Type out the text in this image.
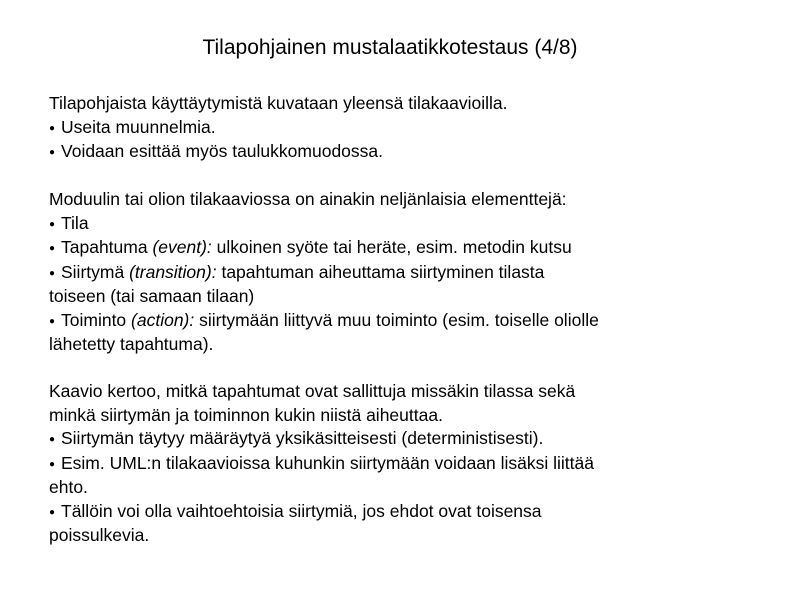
Tilapohjainen mustalaatikkotestaus (4/8)
Tilapohjaista käyttäytymistä kuvataan yleensä tilakaavioilla.
● Useita muunnelmia.
● Voidaan esittää myös taulukkomuodossa.
Moduulin tai olion tilakaaviossa on ainakin neljänlaisia elementtejä:
● Tila
● Tapahtuma (event): ulkoinen syöte tai heräte, esim. metodin kutsu
● Siirtymä (transition): tapahtuman aiheuttama siirtyminen tilasta
toiseen (tai samaan tilaan)
● Toiminto (action): siirtymään liittyvä muu toiminto (esim. toiselle oliolle
lähetetty tapahtuma).
Kaavio kertoo, mitkä tapahtumat ovat sallittuja missäkin tilassa sekä
minkä siirtymän ja toiminnon kukin niistä aiheuttaa.
● Siirtymän täytyy määräytyä yksikäsitteisesti (deterministisesti).
● Esim. UML:n tilakaavioissa kuhunkin siirtymään voidaan lisäksi liittää
ehto.
● Tällöin voi olla vaihtoehtoisia siirtymiä, jos ehdot ovat toisensa
poissulkevia.
